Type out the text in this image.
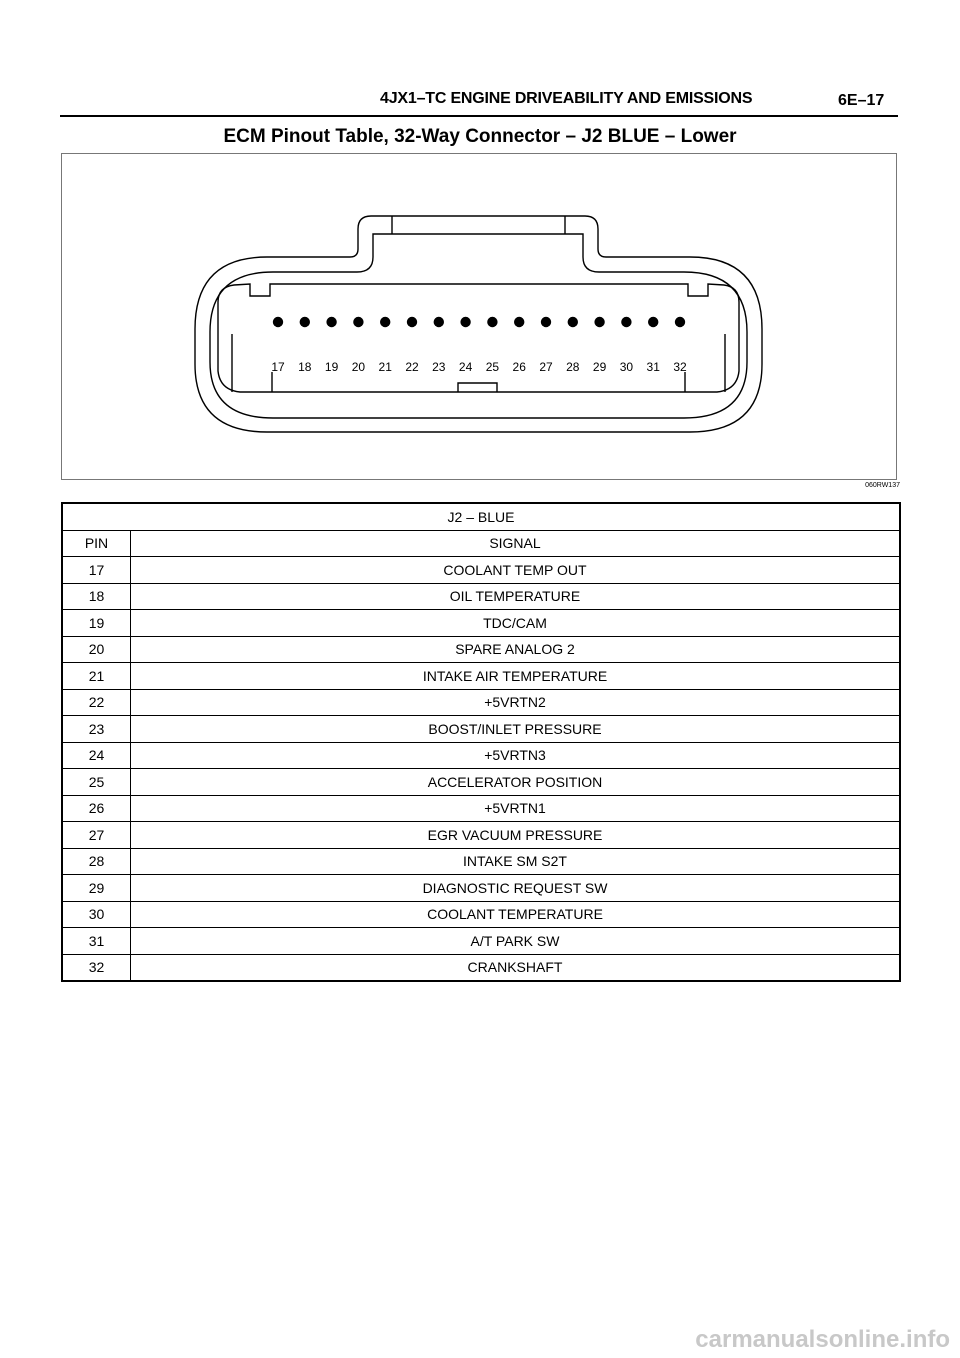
4JX1–TC ENGINE DRIVEABILITY AND EMISSIONS	6E–17
ECM Pinout Table, 32-Way Connector – J2 BLUE – Lower
17 18 19 20 21 22 23 24 25 26 27 28 29 30 31 32
060RW137
J2 – BLUE	
PIN	SIGNAL
17	COOLANT TEMP OUT
18	OIL TEMPERATURE
19	TDC/CAM
20	SPARE ANALOG 2
21	INTAKE AIR TEMPERATURE
22	+5VRTN2
23	BOOST/INLET PRESSURE
24	+5VRTN3
25	ACCELERATOR POSITION
26	+5VRTN1
27	EGR VACUUM PRESSURE
28	INTAKE SM S2T
29	DIAGNOSTIC REQUEST SW
30	COOLANT TEMPERATURE
31	A/T PARK SW
32	CRANKSHAFT
carmanualsonline.info
